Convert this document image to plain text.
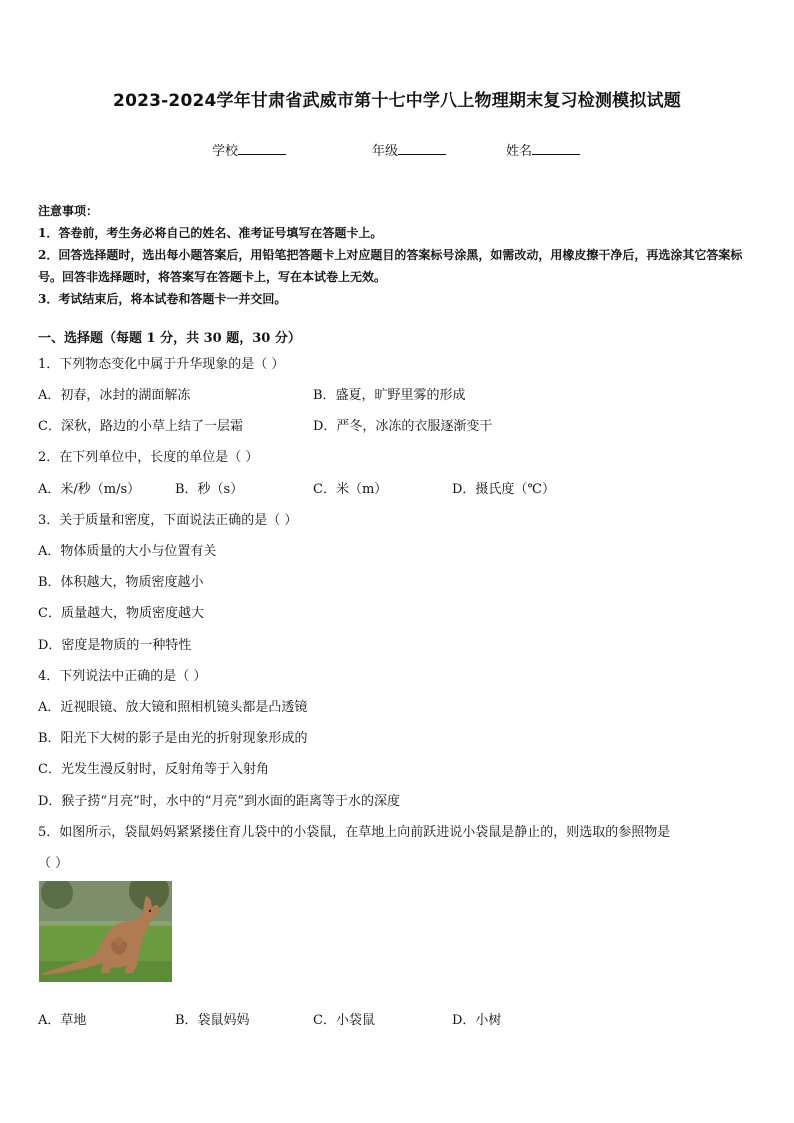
2023-2024学年甘肃省武威市第十七中学八上物理期末复习检测模拟试题
学校	年级	姓名

注意事项：

1．答卷前，考生务必将自己的姓名、准考证号填写在答题卡上。

2．回答选择题时，选出每小题答案后，用铅笔把答题卡上对应题目的答案标号涂黑，如需改动，用橡皮擦干净后，再选涂其它答案标号。回答非选择题时，将答案写在答题卡上，写在本试卷上无效。

3．考试结束后，将本试卷和答题卡一并交回。

一、选择题（每题 1 分，共 30 题，30 分）
1．下列物态变化中属于升华现象的是（ ）
A．初春，冰封的湖面解冻	B．盛夏，旷野里雾的形成
C．深秋，路边的小草上结了一层霜	D．严冬，冰冻的衣服逐渐变干
2．在下列单位中，长度的单位是（ ）
A．米/秒（m/s）	B．秒（s）	C．米（m）	D．摄氏度（℃）
3．关于质量和密度，下面说法正确的是（ ）
A．物体质量的大小与位置有关
B．体积越大，物质密度越小
C．质量越大，物质密度越大
D．密度是物质的一种特性
4．下列说法中正确的是（ ）
A．近视眼镜、放大镜和照相机镜头都是凸透镜
B．阳光下大树的影子是由光的折射现象形成的
C．光发生漫反射时，反射角等于入射角
D．猴子捞“月亮”时，水中的“月亮”到水面的距离等于水的深度
5．如图所示，袋鼠妈妈紧紧搂住育儿袋中的小袋鼠，在草地上向前跃进说小袋鼠是静止的，则选取的参照物是
（ ）
A．草地	B．袋鼠妈妈	C．小袋鼠	D．小树
